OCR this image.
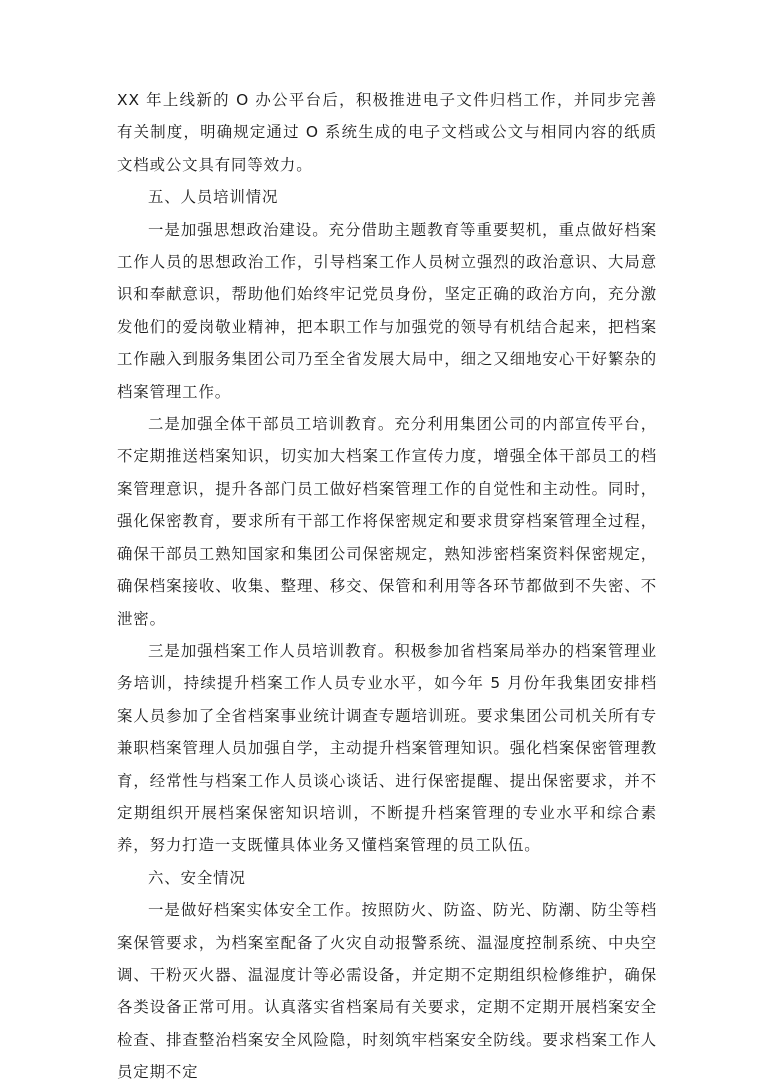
XX 年上线新的 O 办公平台后，积极推进电子文件归档工作，并同步完善有关制度，明确规定通过 O 系统生成的电子文档或公文与相同内容的纸质文档或公文具有同等效力。

五、人员培训情况

一是加强思想政治建设。充分借助主题教育等重要契机，重点做好档案工作人员的思想政治工作，引导档案工作人员树立强烈的政治意识、大局意识和奉献意识，帮助他们始终牢记党员身份，坚定正确的政治方向，充分激发他们的爱岗敬业精神，把本职工作与加强党的领导有机结合起来，把档案工作融入到服务集团公司乃至全省发展大局中，细之又细地安心干好繁杂的档案管理工作。

二是加强全体干部员工培训教育。充分利用集团公司的内部宣传平台，不定期推送档案知识，切实加大档案工作宣传力度，增强全体干部员工的档案管理意识，提升各部门员工做好档案管理工作的自觉性和主动性。同时，强化保密教育，要求所有干部工作将保密规定和要求贯穿档案管理全过程，确保干部员工熟知国家和集团公司保密规定，熟知涉密档案资料保密规定，确保档案接收、收集、整理、移交、保管和利用等各环节都做到不失密、不泄密。

三是加强档案工作人员培训教育。积极参加省档案局举办的档案管理业务培训，持续提升档案工作人员专业水平，如今年 5 月份年我集团安排档案人员参加了全省档案事业统计调查专题培训班。要求集团公司机关所有专兼职档案管理人员加强自学，主动提升档案管理知识。强化档案保密管理教育，经常性与档案工作人员谈心谈话、进行保密提醒、提出保密要求，并不定期组织开展档案保密知识培训，不断提升档案管理的专业水平和综合素养，努力打造一支既懂具体业务又懂档案管理的员工队伍。

六、安全情况

一是做好档案实体安全工作。按照防火、防盗、防光、防潮、防尘等档案保管要求，为档案室配备了火灾自动报警系统、温湿度控制系统、中央空调、干粉灭火器、温湿度计等必需设备，并定期不定期组织检修维护，确保各类设备正常可用。认真落实省档案局有关要求，定期不定期开展档案安全检查、排查整治档案安全风险隐，时刻筑牢档案安全防线。要求档案工作人员定期不定
